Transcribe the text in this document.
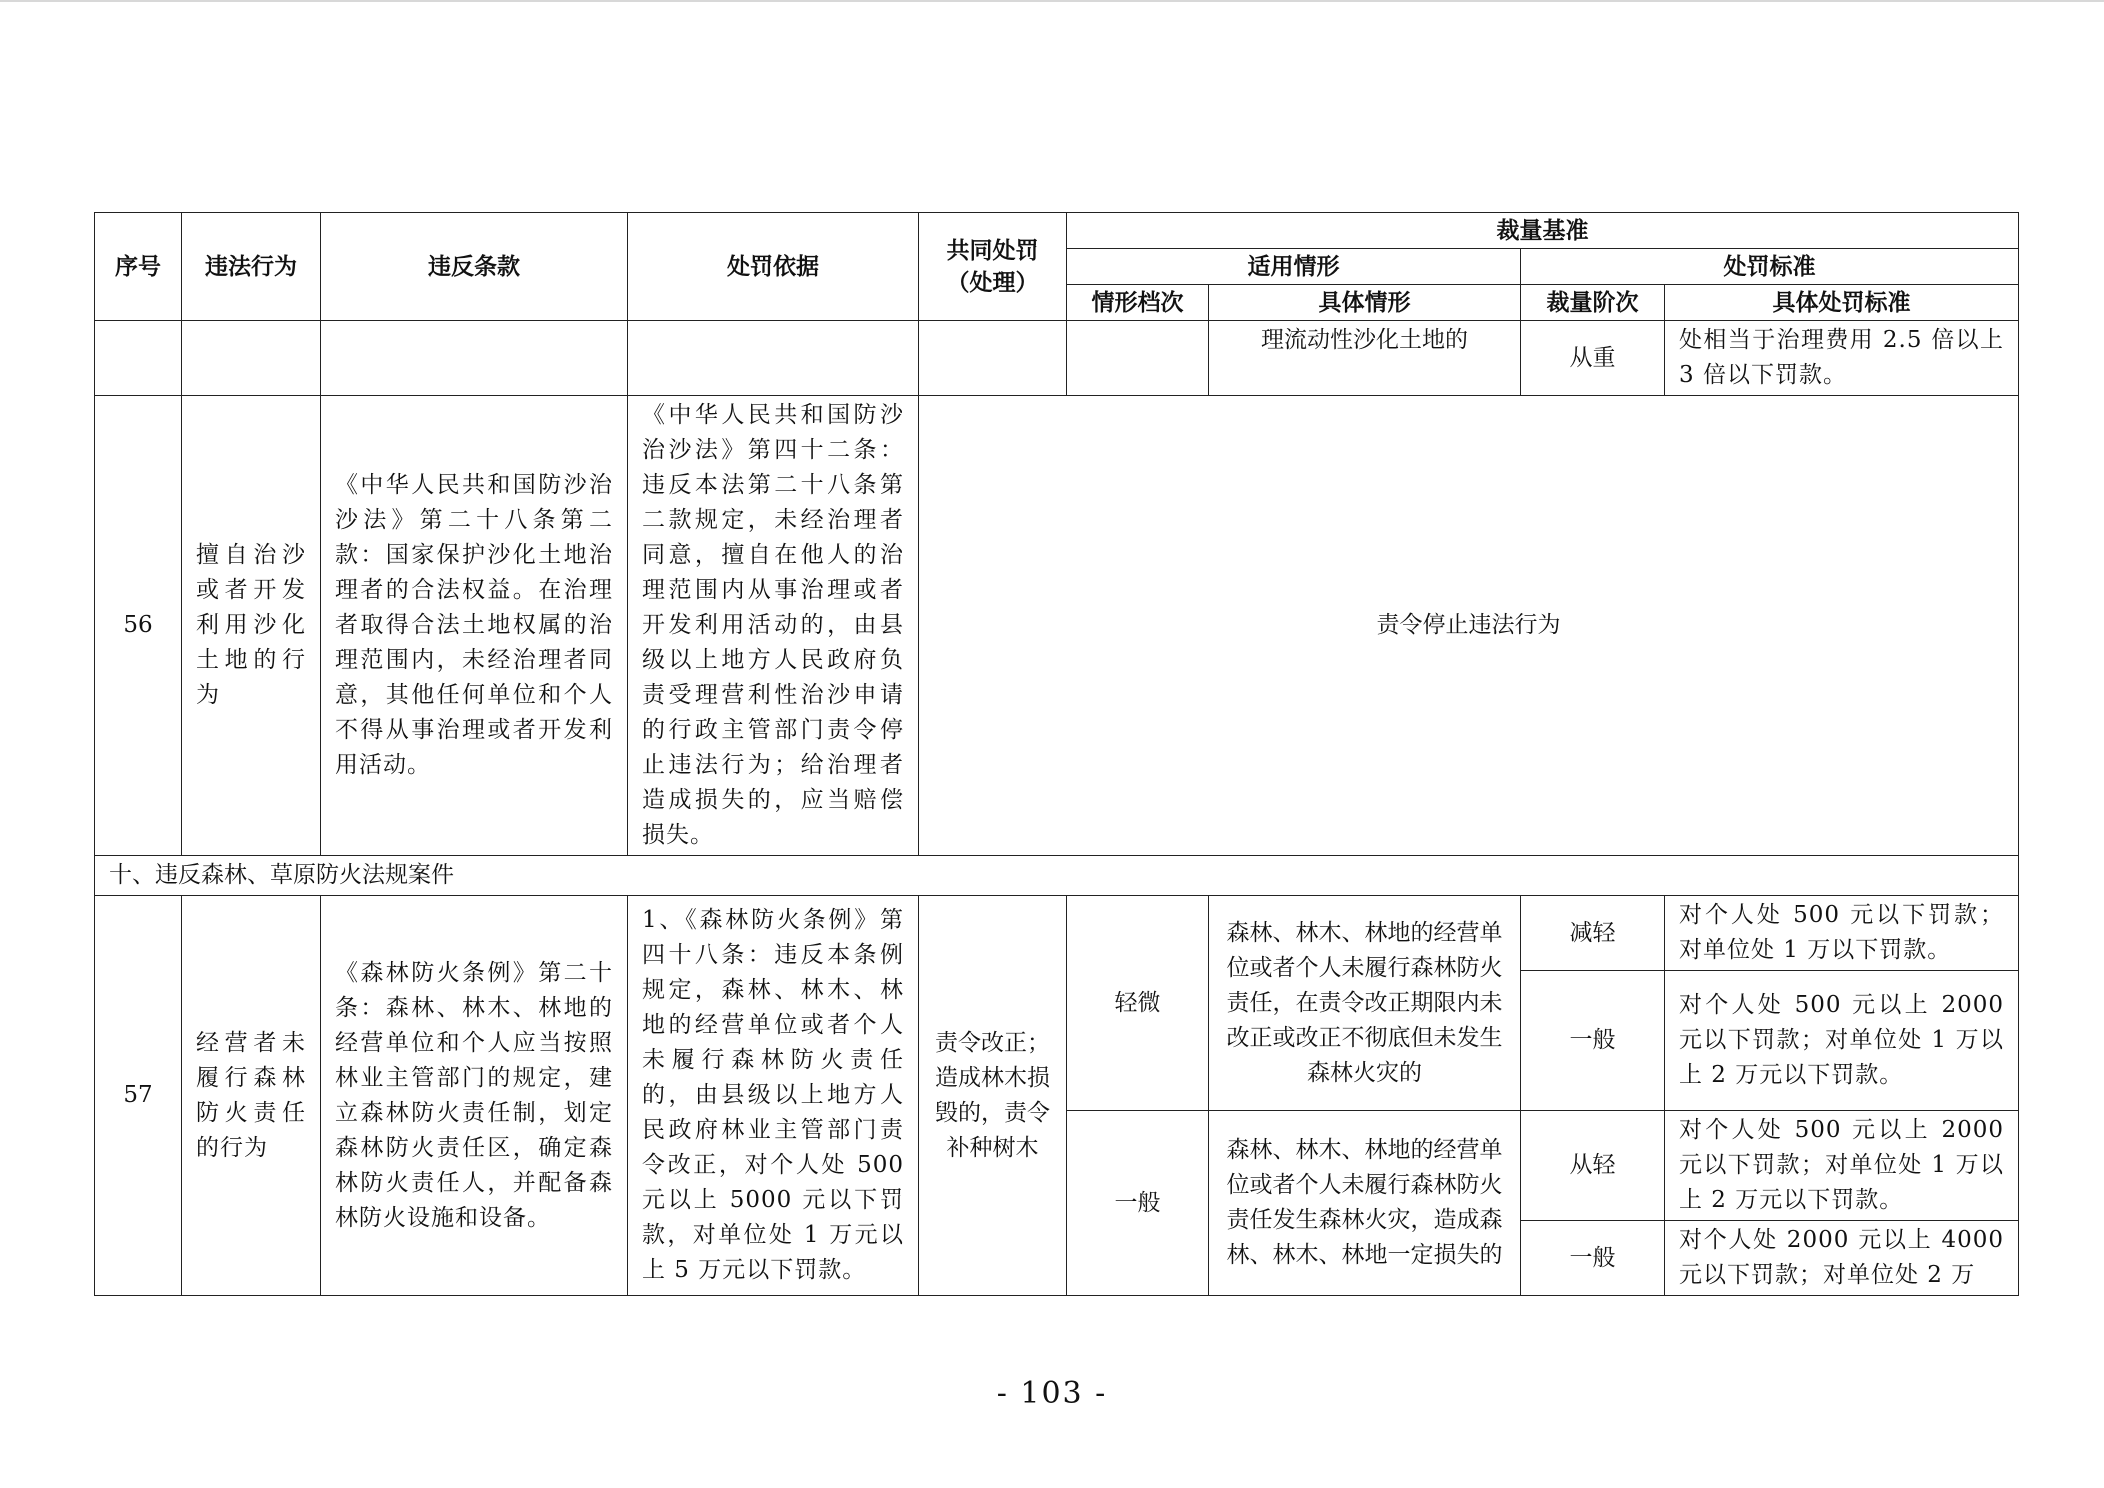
序号	违法行为	违反条款	处罚依据	共同处罚（处理）	裁量基准			
					适用情形		处罚标准	
					情形档次	具体情形	裁量阶次	具体处罚标准
						理流动性沙化土地的	从重	处相当于治理费用 2.5 倍以上 3 倍以下罚款。
56	擅自治沙或者开发利用沙化土地的行为	《中华人民共和国防沙治沙法》第二十八条第二款：国家保护沙化土地治理者的合法权益。在治理者取得合法土地权属的治理范围内，未经治理者同意，其他任何单位和个人不得从事治理或者开发利用活动。	《中华人民共和国防沙治沙法》第四十二条：违反本法第二十八条第二款规定，未经治理者同意，擅自在他人的治理范围内从事治理或者开发利用活动的，由县级以上地方人民政府负责受理营利性治沙申请的行政主管部门责令停止违法行为；给治理者造成损失的，应当赔偿损失。	责令停止违法行为				
十、违反森林、草原防火法规案件								
57	经营者未履行森林防火责任的行为	《森林防火条例》第二十条：森林、林木、林地的经营单位和个人应当按照林业主管部门的规定，建立森林防火责任制，划定森林防火责任区，确定森林防火责任人，并配备森林防火设施和设备。	1、《森林防火条例》第四十八条：违反本条例规定，森林、林木、林地的经营单位或者个人未履行森林防火责任的，由县级以上地方人民政府林业主管部门责令改正，对个人处 500 元以上 5000 元以下罚款，对单位处 1 万元以上 5 万元以下罚款。	责令改正；造成林木损毁的，责令补种树木	轻微	森林、林木、林地的经营单位或者个人未履行森林防火责任，在责令改正期限内未改正或改正不彻底但未发生森林火灾的	减轻	对个人处 500 元以下罚款；对单位处 1 万以下罚款。
							一般	对个人处 500 元以上 2000 元以下罚款；对单位处 1 万以上 2 万元以下罚款。
					一般	森林、林木、林地的经营单位或者个人未履行森林防火责任发生森林火灾，造成森林、林木、林地一定损失的	从轻	对个人处 500 元以上 2000 元以下罚款；对单位处 1 万以上 2 万元以下罚款。
							一般	对个人处 2000 元以上 4000 元以下罚款；对单位处 2 万
- 103 -
